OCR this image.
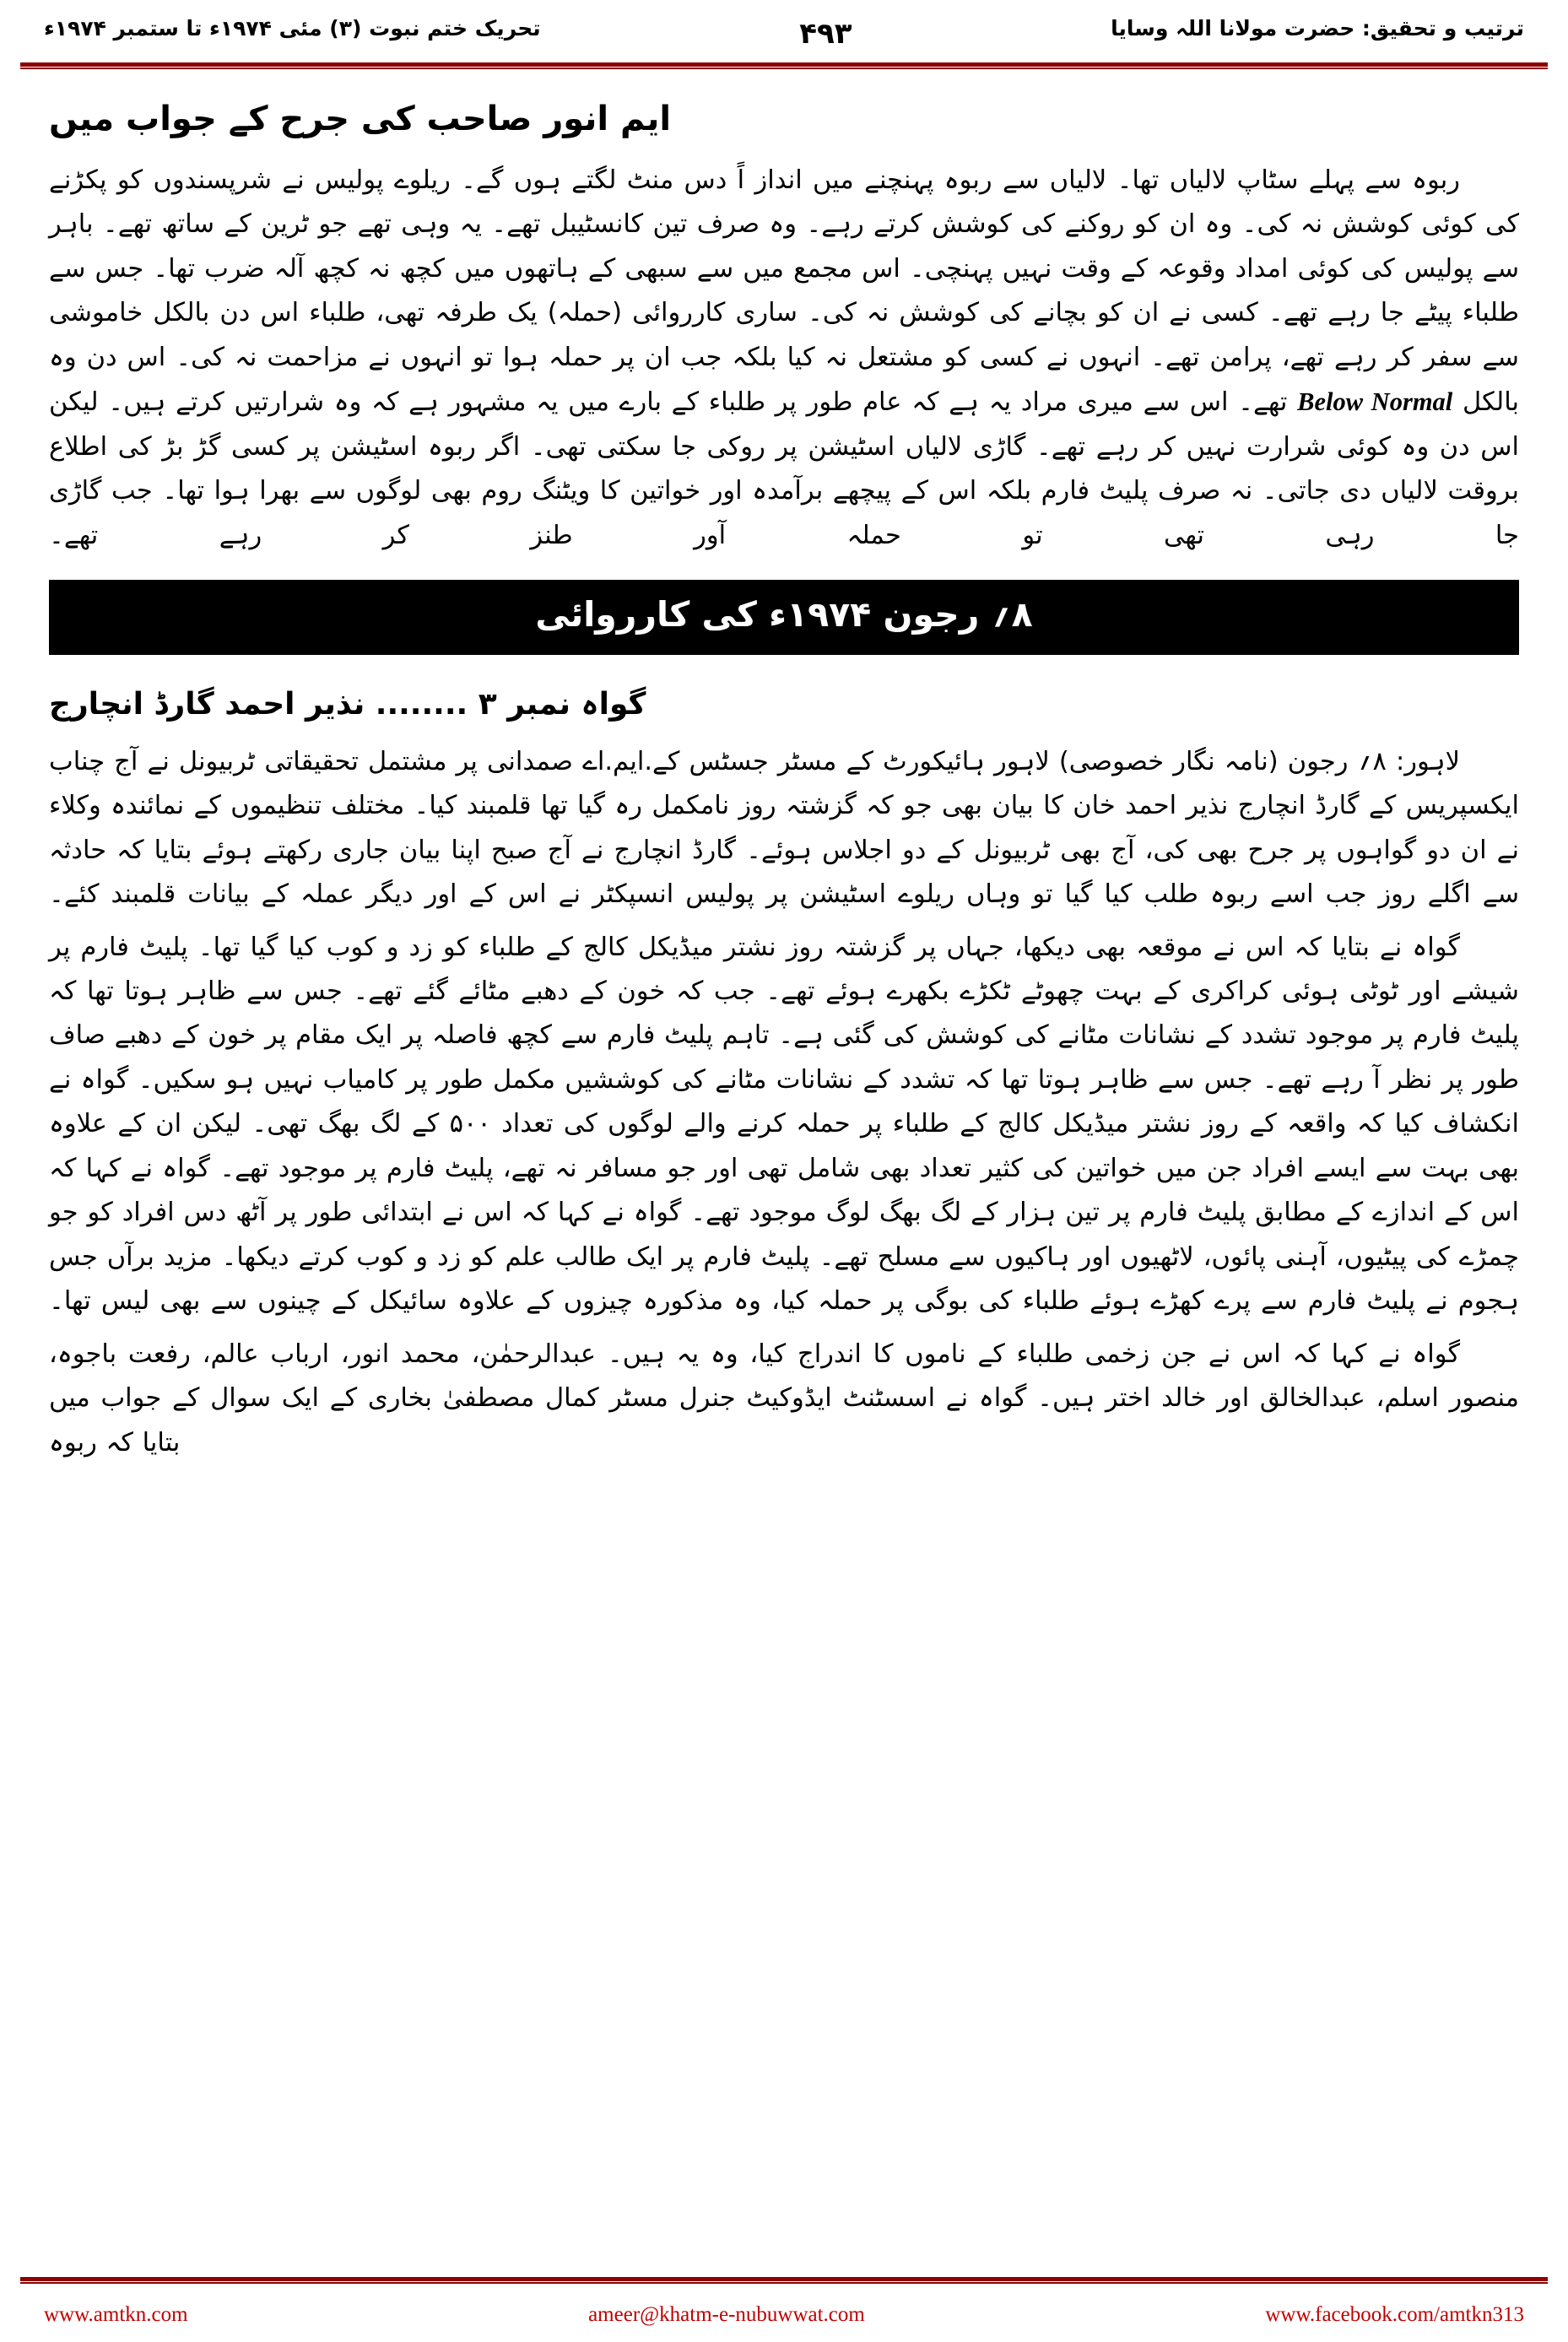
ترتیب و تحقیق: حضرت مولانا اللہ وسایا
۴۹۳
تحریک ختم نبوت (۳) مئی ۱۹۷۴ء تا ستمبر ۱۹۷۴ء
ایم انور صاحب کی جرح کے جواب میں

ربوہ سے پہلے سٹاپ لالیاں تھا۔ لالیاں سے ربوہ پہنچنے میں انداز اً دس منٹ لگتے ہوں گے۔ ریلوے پولیس نے شرپسندوں کو پکڑنے کی کوئی کوشش نہ کی۔ وہ ان کو روکنے کی کوشش کرتے رہے۔ وہ صرف تین کانسٹیبل تھے۔ یہ وہی تھے جو ٹرین کے ساتھ تھے۔ باہر سے پولیس کی کوئی امداد وقوعہ کے وقت نہیں پہنچی۔ اس مجمع میں سے سبھی کے ہاتھوں میں کچھ نہ کچھ آلہ ضرب تھا۔ جس سے طلباء پیٹے جا رہے تھے۔ کسی نے ان کو بچانے کی کوشش نہ کی۔ ساری کارروائی (حملہ) یک طرفہ تھی، طلباء اس دن بالکل خاموشی سے سفر کر رہے تھے، پرامن تھے۔ انہوں نے کسی کو مشتعل نہ کیا بلکہ جب ان پر حملہ ہوا تو انہوں نے مزاحمت نہ کی۔ اس دن وہ بالکل Below Normal تھے۔ اس سے میری مراد یہ ہے کہ عام طور پر طلباء کے بارے میں یہ مشہور ہے کہ وہ شرارتیں کرتے ہیں۔ لیکن اس دن وہ کوئی شرارت نہیں کر رہے تھے۔ گاڑی لالیاں اسٹیشن پر روکی جا سکتی تھی۔ اگر ربوہ اسٹیشن پر کسی گڑ بڑ کی اطلاع بروقت لالیاں دی جاتی۔ نہ صرف پلیٹ فارم بلکہ اس کے پیچھے برآمدہ اور خواتین کا ویٹنگ روم بھی لوگوں سے بھرا ہوا تھا۔ جب گاڑی جا رہی تھی تو حملہ آور طنز کر رہے تھے۔

۸؍ رجون ۱۹۷۴ء کی کارروائی
گواہ نمبر ۳ ........ نذیر احمد گارڈ انچارج

لاہور: ۸؍ رجون (نامہ نگار خصوصی) لاہور ہائیکورٹ کے مسٹر جسٹس کے.ایم.اے صمدانی پر مشتمل تحقیقاتی ٹربیونل نے آج چناب ایکسپریس کے گارڈ انچارج نذیر احمد خان کا بیان بھی جو کہ گزشتہ روز نامکمل رہ گیا تھا قلمبند کیا۔ مختلف تنظیموں کے نمائندہ وکلاء نے ان دو گواہوں پر جرح بھی کی، آج بھی ٹربیونل کے دو اجلاس ہوئے۔ گارڈ انچارج نے آج صبح اپنا بیان جاری رکھتے ہوئے بتایا کہ حادثہ سے اگلے روز جب اسے ربوہ طلب کیا گیا تو وہاں ریلوے اسٹیشن پر پولیس انسپکٹر نے اس کے اور دیگر عملہ کے بیانات قلمبند کئے۔

گواہ نے بتایا کہ اس نے موقعہ بھی دیکھا، جہاں پر گزشتہ روز نشتر میڈیکل کالج کے طلباء کو زد و کوب کیا گیا تھا۔ پلیٹ فارم پر شیشے اور ٹوٹی ہوئی کراکری کے بہت چھوٹے ٹکڑے بکھرے ہوئے تھے۔ جب کہ خون کے دھبے مٹائے گئے تھے۔ جس سے ظاہر ہوتا تھا کہ پلیٹ فارم پر موجود تشدد کے نشانات مٹانے کی کوشش کی گئی ہے۔ تاہم پلیٹ فارم سے کچھ فاصلہ پر ایک مقام پر خون کے دھبے صاف طور پر نظر آ رہے تھے۔ جس سے ظاہر ہوتا تھا کہ تشدد کے نشانات مٹانے کی کوششیں مکمل طور پر کامیاب نہیں ہو سکیں۔ گواہ نے انکشاف کیا کہ واقعہ کے روز نشتر میڈیکل کالج کے طلباء پر حملہ کرنے والے لوگوں کی تعداد ۵۰۰ کے لگ بھگ تھی۔ لیکن ان کے علاوہ بھی بہت سے ایسے افراد جن میں خواتین کی کثیر تعداد بھی شامل تھی اور جو مسافر نہ تھے، پلیٹ فارم پر موجود تھے۔ گواہ نے کہا کہ اس کے اندازے کے مطابق پلیٹ فارم پر تین ہزار کے لگ بھگ لوگ موجود تھے۔ گواہ نے کہا کہ اس نے ابتدائی طور پر آٹھ دس افراد کو جو چمڑے کی پیٹیوں، آہنی پائوں، لاٹھیوں اور ہاکیوں سے مسلح تھے۔ پلیٹ فارم پر ایک طالب علم کو زد و کوب کرتے دیکھا۔ مزید برآں جس ہجوم نے پلیٹ فارم سے پرے کھڑے ہوئے طلباء کی بوگی پر حملہ کیا، وہ مذکورہ چیزوں کے علاوہ سائیکل کے چینوں سے بھی لیس تھا۔

گواہ نے کہا کہ اس نے جن زخمی طلباء کے ناموں کا اندراج کیا، وہ یہ ہیں۔ عبدالرحمٰن، محمد انور، ارباب عالم، رفعت باجوہ، منصور اسلم، عبدالخالق اور خالد اختر ہیں۔ گواہ نے اسسٹنٹ ایڈوکیٹ جنرل مسٹر کمال مصطفیٰ بخاری کے ایک سوال کے جواب میں بتایا کہ ربوہ

www.amtkn.com	ameer@khatm-e-nubuwwat.com	www.facebook.com/amtkn313
